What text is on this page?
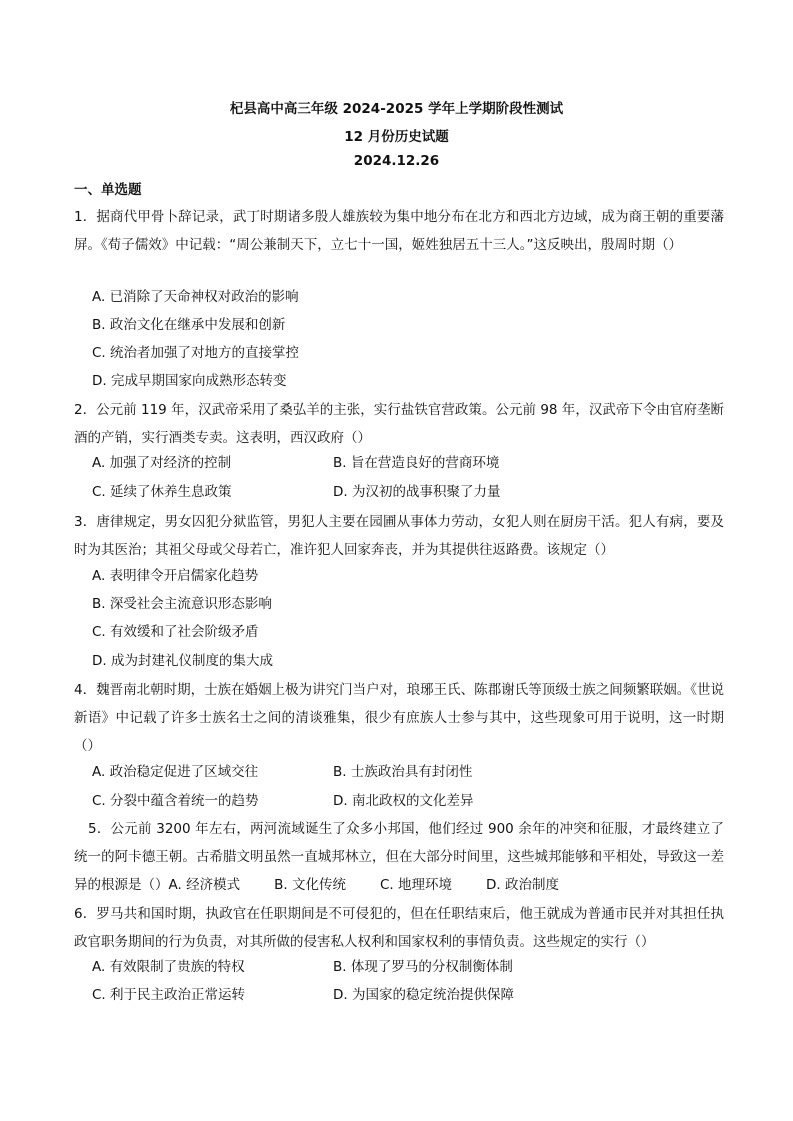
杞县高中高三年级 2024-2025 学年上学期阶段性测试
12 月份历史试题
2024.12.26
一、单选题
1．据商代甲骨卜辞记录，武丁时期诸多殷人雄族较为集中地分布在北方和西北方边域，成为商王朝的重要藩屏。《荀子儒效》中记载：“周公兼制天下，立七十一国，姬姓独居五十三人。”这反映出，殷周时期（）
A. 已消除了天命神权对政治的影响
B. 政治文化在继承中发展和创新
C. 统治者加强了对地方的直接掌控
D. 完成早期国家向成熟形态转变
2．公元前 119 年，汉武帝采用了桑弘羊的主张，实行盐铁官营政策。公元前 98 年，汉武帝下令由官府垄断酒的产销，实行酒类专卖。这表明，西汉政府（）
A. 加强了对经济的控制	B. 旨在营造良好的营商环境
C. 延续了休养生息政策	D. 为汉初的战事积聚了力量
3．唐律规定，男女囚犯分狱监管，男犯人主要在园圃从事体力劳动，女犯人则在厨房干活。犯人有病，要及时为其医治；其祖父母或父母若亡，准许犯人回家奔丧，并为其提供往返路费。该规定（）
A. 表明律令开启儒家化趋势
B. 深受社会主流意识形态影响
C. 有效缓和了社会阶级矛盾
D. 成为封建礼仪制度的集大成
4．魏晋南北朝时期，士族在婚姻上极为讲究门当户对，琅琊王氏、陈郡谢氏等顶级士族之间频繁联姻。《世说新语》中记载了许多士族名士之间的清谈雅集，很少有庶族人士参与其中，这些现象可用于说明，这一时期（）
A. 政治稳定促进了区域交往	B. 士族政治具有封闭性
C. 分裂中蕴含着统一的趋势	D. 南北政权的文化差异
5．公元前 3200 年左右，两河流域诞生了众多小邦国，他们经过 900 余年的冲突和征服，才最终建立了统一的阿卡德王朝。古希腊文明虽然一直城邦林立，但在大部分时间里，这些城邦能够和平相处，导致这一差异的根源是（）A. 经济模式	B. 文化传统	C. 地理环境	D. 政治制度
6．罗马共和国时期，执政官在任职期间是不可侵犯的，但在任职结束后，他王就成为普通市民并对其担任执政官职务期间的行为负责，对其所做的侵害私人权利和国家权利的事情负责。这些规定的实行（）
A. 有效限制了贵族的特权	B. 体现了罗马的分权制衡体制
C. 利于民主政治正常运转	D. 为国家的稳定统治提供保障
